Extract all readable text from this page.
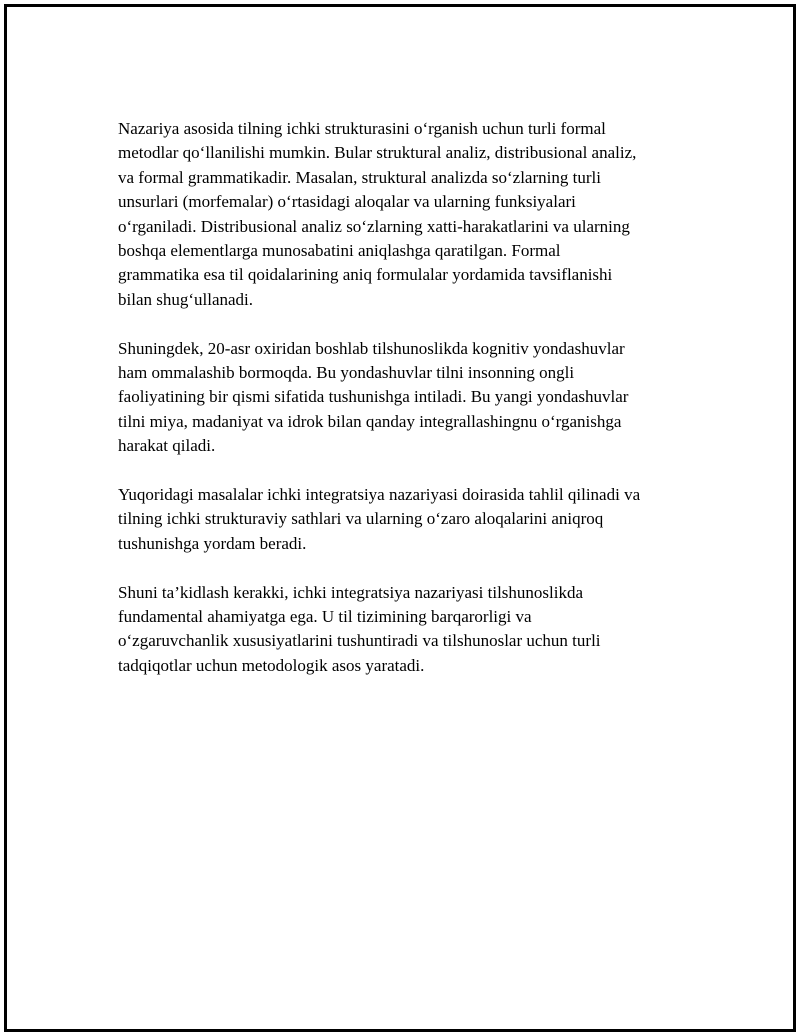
Nazariya asosida tilning ichki strukturasini o‘rganish uchun turli formal
metodlar qo‘llanilishi mumkin. Bular struktural analiz, distribusional analiz,
va formal grammatikadir. Masalan, struktural analizda so‘zlarning turli
unsurlari (morfemalar) o‘rtasidagi aloqalar va ularning funksiyalari
o‘rganiladi. Distribusional analiz so‘zlarning xatti-harakatlarini va ularning
boshqa elementlarga munosabatini aniqlashga qaratilgan. Formal
grammatika esa til qoidalarining aniq formulalar yordamida tavsiflanishi
bilan shug‘ullanadi.

Shuningdek, 20-asr oxiridan boshlab tilshunoslikda kognitiv yondashuvlar
ham ommalashib bormoqda. Bu yondashuvlar tilni insonning ongli
faoliyatining bir qismi sifatida tushunishga intiladi. Bu yangi yondashuvlar
tilni miya, madaniyat va idrok bilan qanday integrallashingnu o‘rganishga
harakat qiladi.

Yuqoridagi masalalar ichki integratsiya nazariyasi doirasida tahlil qilinadi va
tilning ichki strukturaviy sathlari va ularning o‘zaro aloqalarini aniqroq
tushunishga yordam beradi.

Shuni ta’kidlash kerakki, ichki integratsiya nazariyasi tilshunoslikda
fundamental ahamiyatga ega. U til tizimining barqarorligi va
o‘zgaruvchanlik xususiyatlarini tushuntiradi va tilshunoslar uchun turli
tadqiqotlar uchun metodologik asos yaratadi.
